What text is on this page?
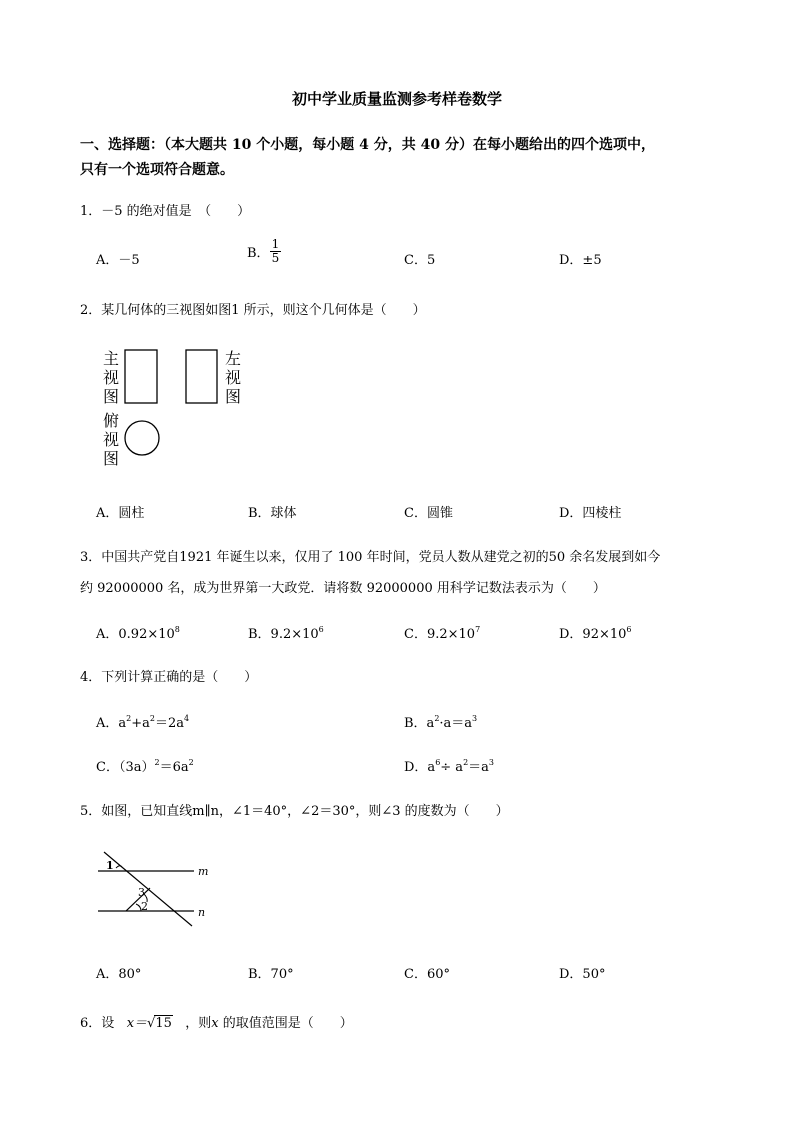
初中学业质量监测参考样卷数学
一、选择题：（本大题共 10 个小题，每小题 4 分，共 40 分）在每小题给出的四个选项中，
只有一个选项符合题意。
1．－5 的绝对值是　（　　）
A．－5	B． $\frac{1}{5}$	C．5	D．±5
2．某几何体的三视图如图1 所示，则这个几何体是（　　）
主
视
图
左
视
图
俯
视
图
A．圆柱	B．球体	C．圆锥	D．四棱柱
3．中国共产党自1921 年诞生以来，仅用了 100 年时间，党员人数从建党之初的50 余名发展到如今
约 92000000 名，成为世界第一大政党．请将数 92000000 用科学记数法表示为（　　）
A．$0.92\times 10^8$	B．$9.2\times 10^6$	C．$9.2\times 10^7$	D．$92\times 10^6$
4．下列计算正确的是（　　）
A．$a^2+a^2=2a^4$	B．$a^2\cdot a=a^3$
C．$(3a)^2=6a^2$	D．$a^6\div a^2=a^3$
5．如图，已知直线m∥n，∠1＝40°，∠2＝30°，则∠3 的度数为（　　）
m
n
1
3
2
A．80°	B．70°	C．60°	D．50°
6．设 x＝√15 ，则x 的取值范围是（　　）
